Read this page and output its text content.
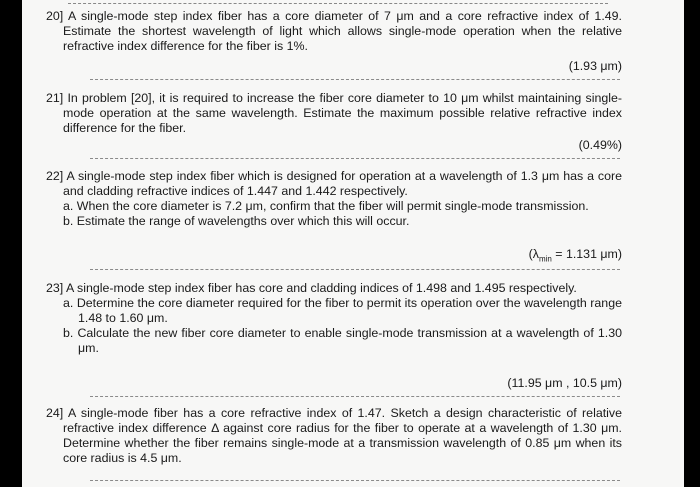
20] A single-mode step index fiber has a core diameter of 7 μm and a core refractive index of 1.49. Estimate the shortest wavelength of light which allows single-mode operation when the relative refractive index difference for the fiber is 1%.

(1.93 μm)

21] In problem [20], it is required to increase the fiber core diameter to 10 μm whilst maintaining single-mode operation at the same wavelength. Estimate the maximum possible relative refractive index difference for the fiber.

(0.49%)

22] A single-mode step index fiber which is designed for operation at a wavelength of 1.3 μm has a core and cladding refractive indices of 1.447 and 1.442 respectively.

a. When the core diameter is 7.2 μm, confirm that the fiber will permit single-mode transmission.

b. Estimate the range of wavelengths over which this will occur.

($\lambda_{min} = 1.131$ μm)

23] A single-mode step index fiber has core and cladding indices of 1.498 and 1.495 respectively.

a. Determine the core diameter required for the fiber to permit its operation over the wavelength range 1.48 to 1.60 μm.

b. Calculate the new fiber core diameter to enable single-mode transmission at a wavelength of 1.30 μm.

(11.95 μm , 10.5 μm)

24] A single-mode fiber has a core refractive index of 1.47. Sketch a design characteristic of relative refractive index difference Δ against core radius for the fiber to operate at a wavelength of 1.30 μm. Determine whether the fiber remains single-mode at a transmission wavelength of 0.85 μm when its core radius is 4.5 μm.
